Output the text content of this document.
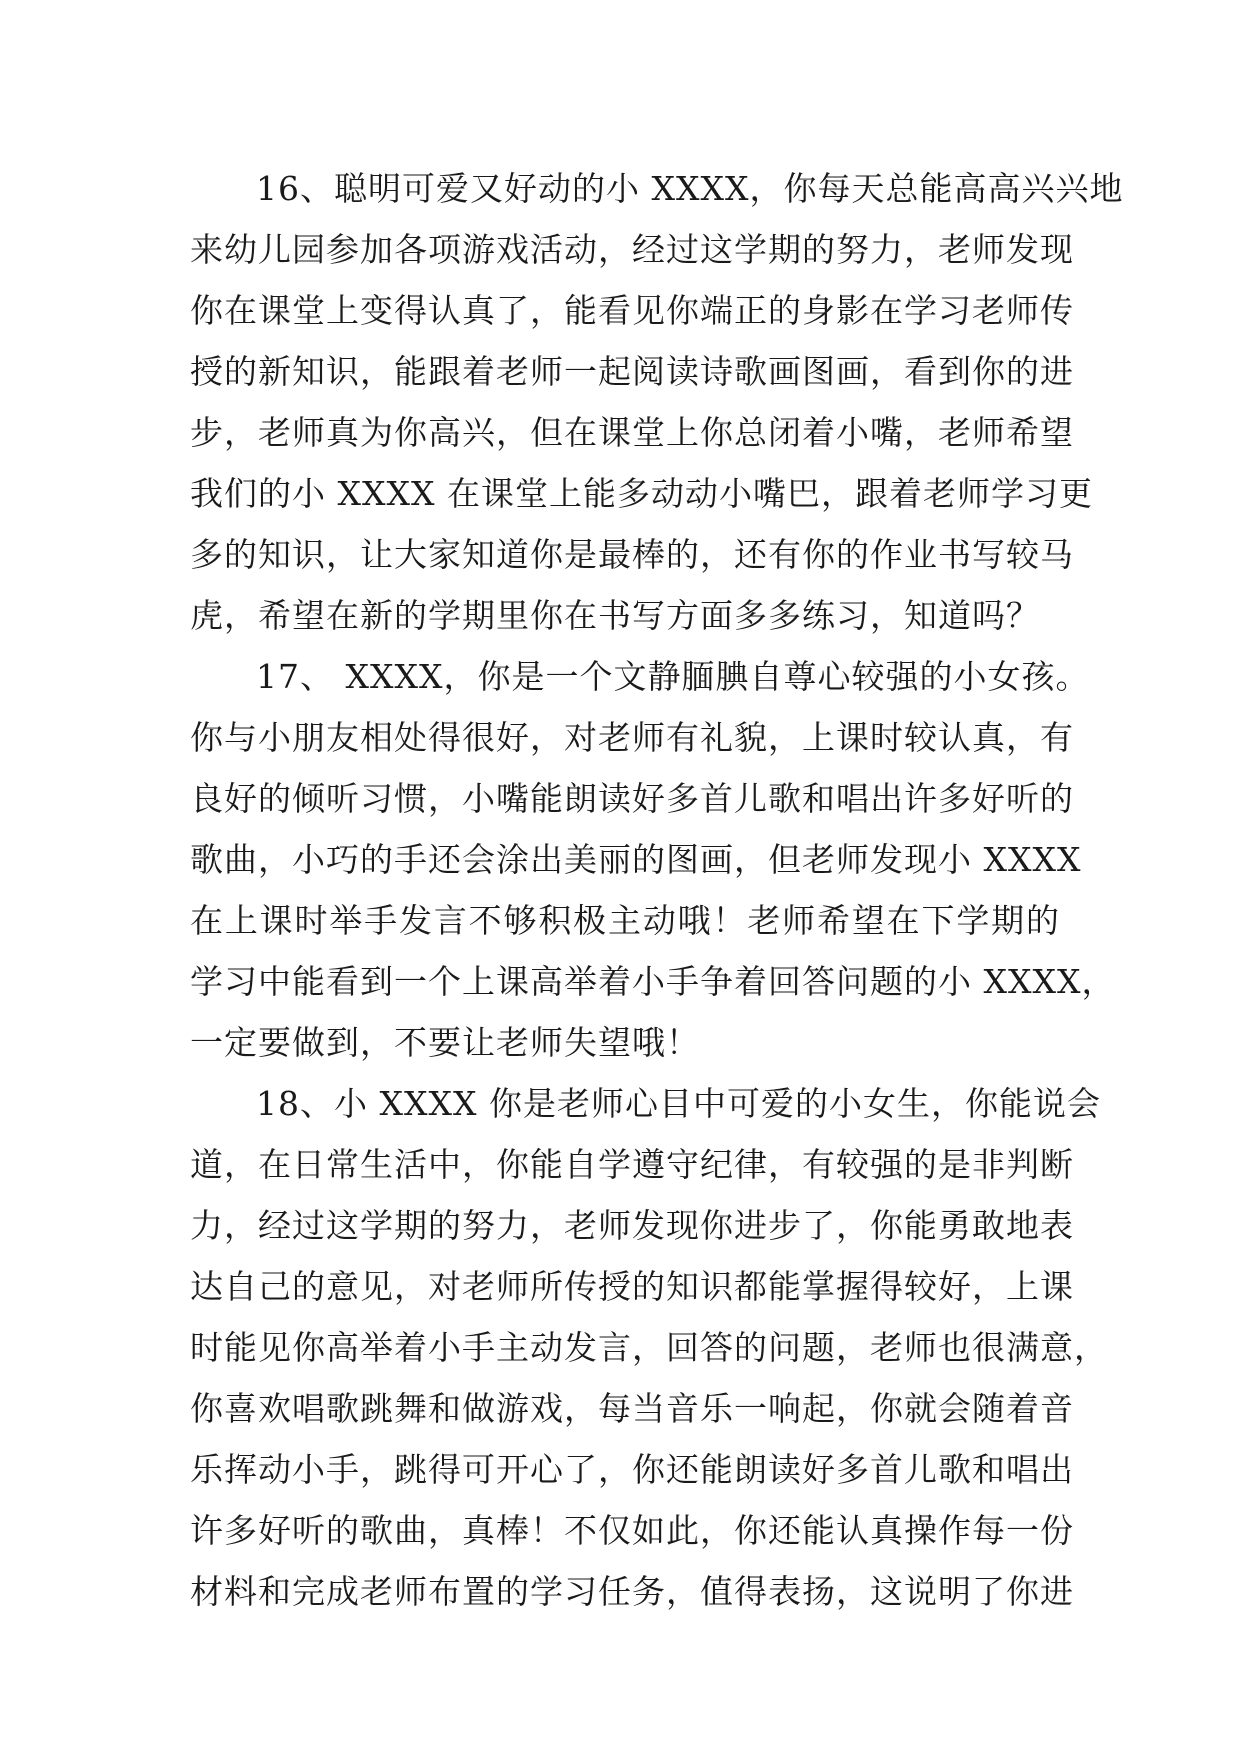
16、聪明可爱又好动的小 XXXX，你每天总能高高兴兴地
来幼儿园参加各项游戏活动，经过这学期的努力，老师发现
你在课堂上变得认真了，能看见你端正的身影在学习老师传
授的新知识，能跟着老师一起阅读诗歌画图画，看到你的进
步，老师真为你高兴，但在课堂上你总闭着小嘴，老师希望
我们的小 XXXX 在课堂上能多动动小嘴巴，跟着老师学习更
多的知识，让大家知道你是最棒的，还有你的作业书写较马
虎，希望在新的学期里你在书写方面多多练习，知道吗？
17、 XXXX，你是一个文静腼腆自尊心较强的小女孩。
你与小朋友相处得很好，对老师有礼貌，上课时较认真，有
良好的倾听习惯，小嘴能朗读好多首儿歌和唱出许多好听的
歌曲，小巧的手还会涂出美丽的图画，但老师发现小 XXXX
在上课时举手发言不够积极主动哦！老师希望在下学期的
学习中能看到一个上课高举着小手争着回答问题的小 XXXX，
一定要做到，不要让老师失望哦！
18、小 XXXX 你是老师心目中可爱的小女生，你能说会
道，在日常生活中，你能自学遵守纪律，有较强的是非判断
力，经过这学期的努力，老师发现你进步了，你能勇敢地表
达自己的意见，对老师所传授的知识都能掌握得较好，上课
时能见你高举着小手主动发言，回答的问题，老师也很满意，
你喜欢唱歌跳舞和做游戏，每当音乐一响起，你就会随着音
乐挥动小手，跳得可开心了，你还能朗读好多首儿歌和唱出
许多好听的歌曲，真棒！不仅如此，你还能认真操作每一份
材料和完成老师布置的学习任务，值得表扬，这说明了你进
